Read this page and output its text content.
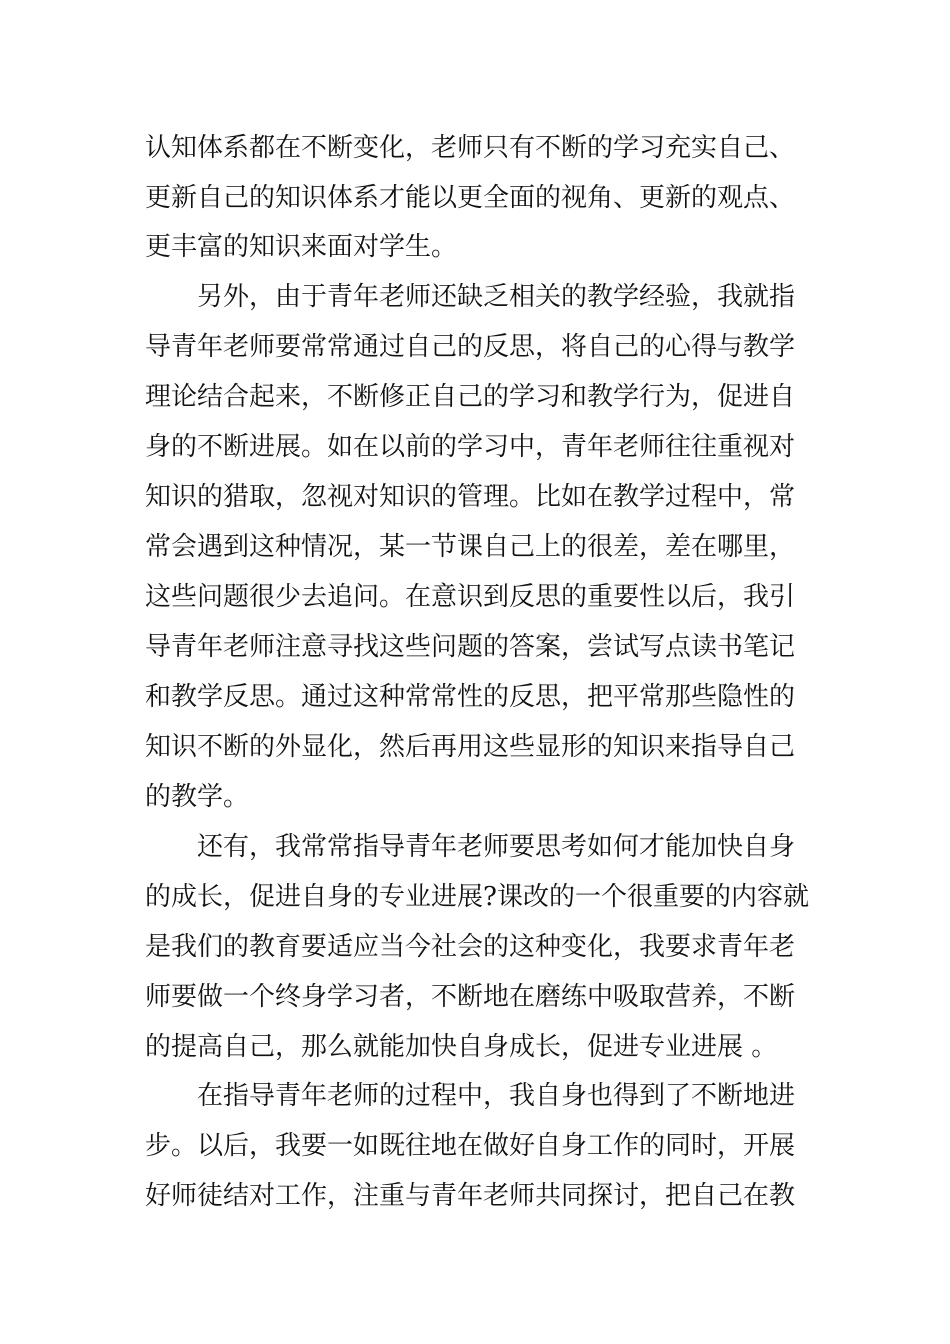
认知体系都在不断变化，老师只有不断的学习充实自己、
更新自己的知识体系才能以更全面的视角、更新的观点、
更丰富的知识来面对学生。
另外，由于青年老师还缺乏相关的教学经验，我就指
导青年老师要常常通过自己的反思，将自己的心得与教学
理论结合起来，不断修正自己的学习和教学行为，促进自
身的不断进展。如在以前的学习中，青年老师往往重视对
知识的猎取，忽视对知识的管理。比如在教学过程中，常
常会遇到这种情况，某一节课自己上的很差，差在哪里，
这些问题很少去追问。在意识到反思的重要性以后，我引
导青年老师注意寻找这些问题的答案，尝试写点读书笔记
和教学反思。通过这种常常性的反思，把平常那些隐性的
知识不断的外显化，然后再用这些显形的知识来指导自己
的教学。
还有，我常常指导青年老师要思考如何才能加快自身
的成长，促进自身的专业进展?课改的一个很重要的内容就
是我们的教育要适应当今社会的这种变化，我要求青年老
师要做一个终身学习者，不断地在磨练中吸取营养，不断
的提高自己，那么就能加快自身成长，促进专业进展 。
在指导青年老师的过程中，我自身也得到了不断地进
步。以后，我要一如既往地在做好自身工作的同时，开展
好师徒结对工作，注重与青年老师共同探讨，把自己在教
